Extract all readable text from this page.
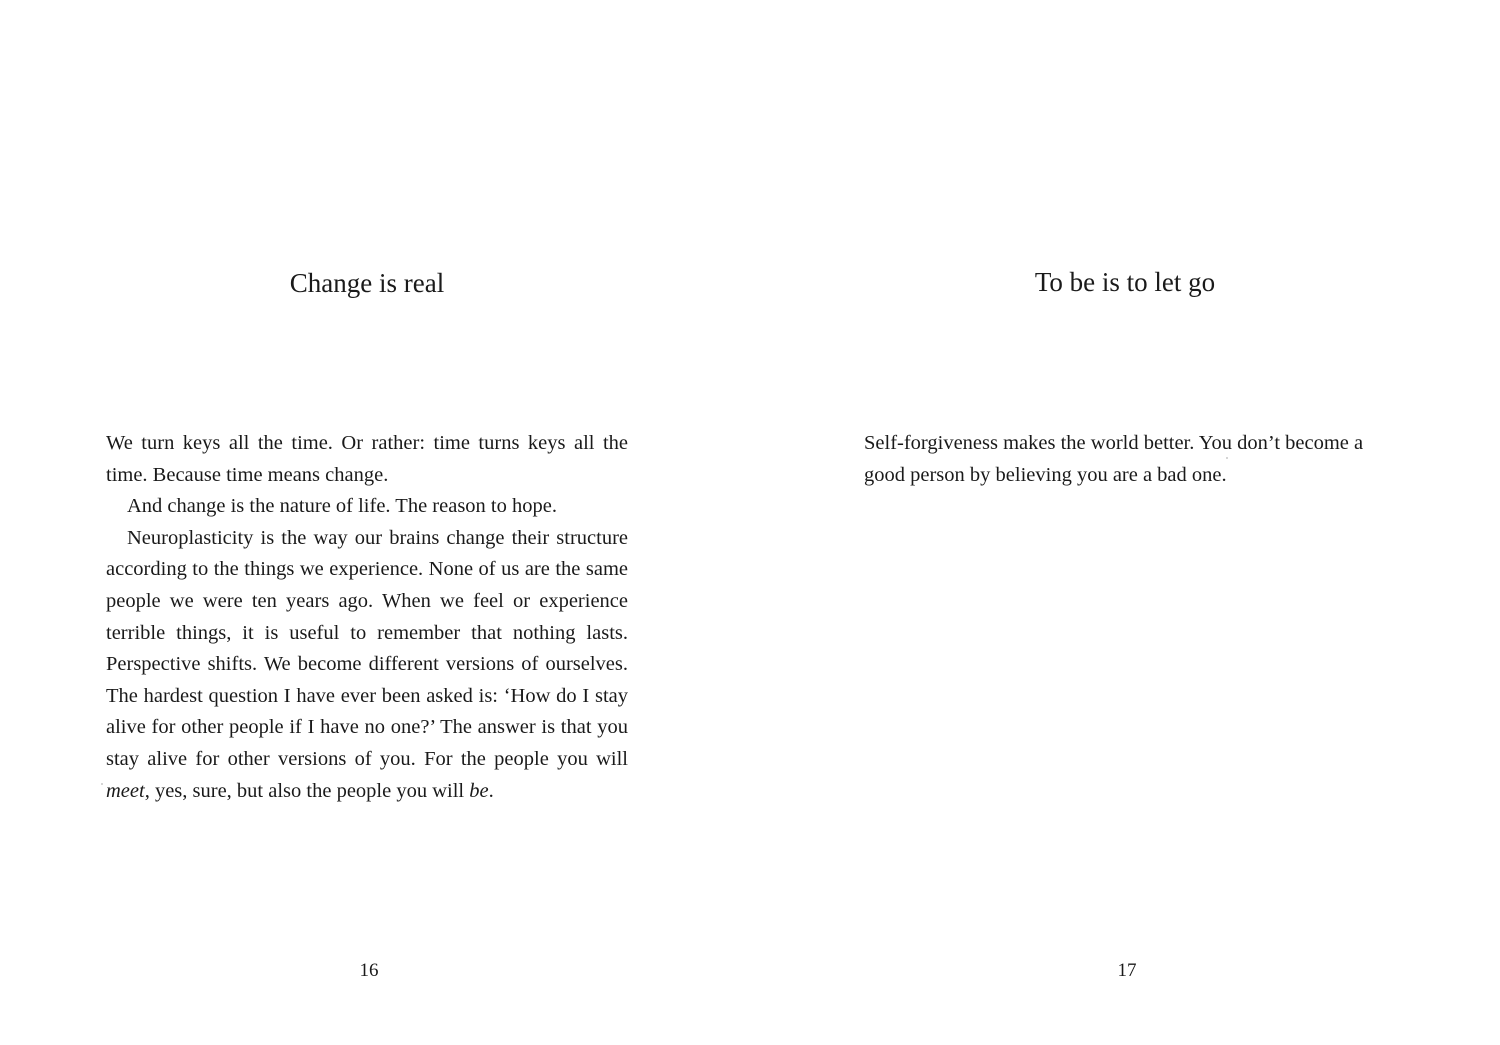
Change is real

We turn keys all the time. Or rather: time turns keys all the time. Because time means change.

And change is the nature of life. The reason to hope.

Neuroplasticity is the way our brains change their structure according to the things we experience. None of us are the same people we were ten years ago. When we feel or experience terrible things, it is useful to remember that nothing lasts. Perspective shifts. We become different versions of ourselves. The hardest question I have ever been asked is: ‘How do I stay alive for other people if I have no one?’ The answer is that you stay alive for other versions of you. For the people you will meet, yes, sure, but also the people you will be.

16

To be is to let go

Self-forgiveness makes the world better. You don’t become a good person by believing you are a bad one.

17
